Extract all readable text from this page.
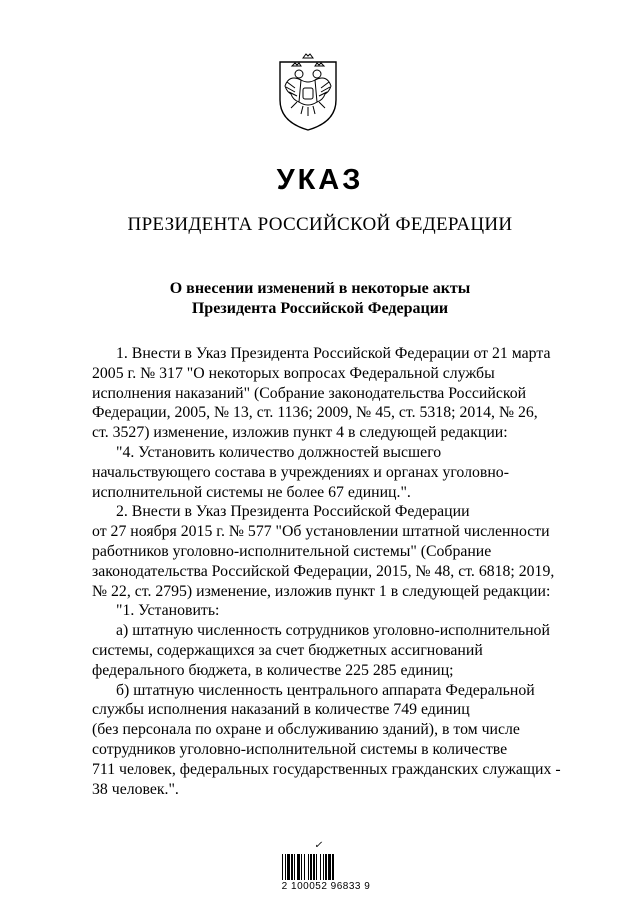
УКАЗ
ПРЕЗИДЕНТА РОССИЙСКОЙ ФЕДЕРАЦИИ
О внесении изменений в некоторые акты
Президента Российской Федерации
1. Внести в Указ Президента Российской Федерации от 21 марта
2005 г. № 317 "О некоторых вопросах Федеральной службы
исполнения наказаний" (Собрание законодательства Российской
Федерации, 2005, № 13, ст. 1136; 2009, № 45, ст. 5318; 2014, № 26,
ст. 3527) изменение, изложив пункт 4 в следующей редакции:
"4. Установить количество должностей высшего
начальствующего состава в учреждениях и органах уголовно-
исполнительной системы не более 67 единиц.".
2. Внести в Указ Президента Российской Федерации
от 27 ноября 2015 г. № 577 "Об установлении штатной численности
работников уголовно-исполнительной системы" (Собрание
законодательства Российской Федерации, 2015, № 48, ст. 6818; 2019,
№ 22, ст. 2795) изменение, изложив пункт 1 в следующей редакции:
"1. Установить:
а) штатную численность сотрудников уголовно-исполнительной
системы, содержащихся за счет бюджетных ассигнований
федерального бюджета, в количестве 225 285 единиц;
б) штатную численность центрального аппарата Федеральной
службы исполнения наказаний в количестве 749 единиц
(без персонала по охране и обслуживанию зданий), в том числе
сотрудников уголовно-исполнительной системы в количестве
711 человек, федеральных государственных гражданских служащих -
38 человек.".
✓
2 100052 96833 9
